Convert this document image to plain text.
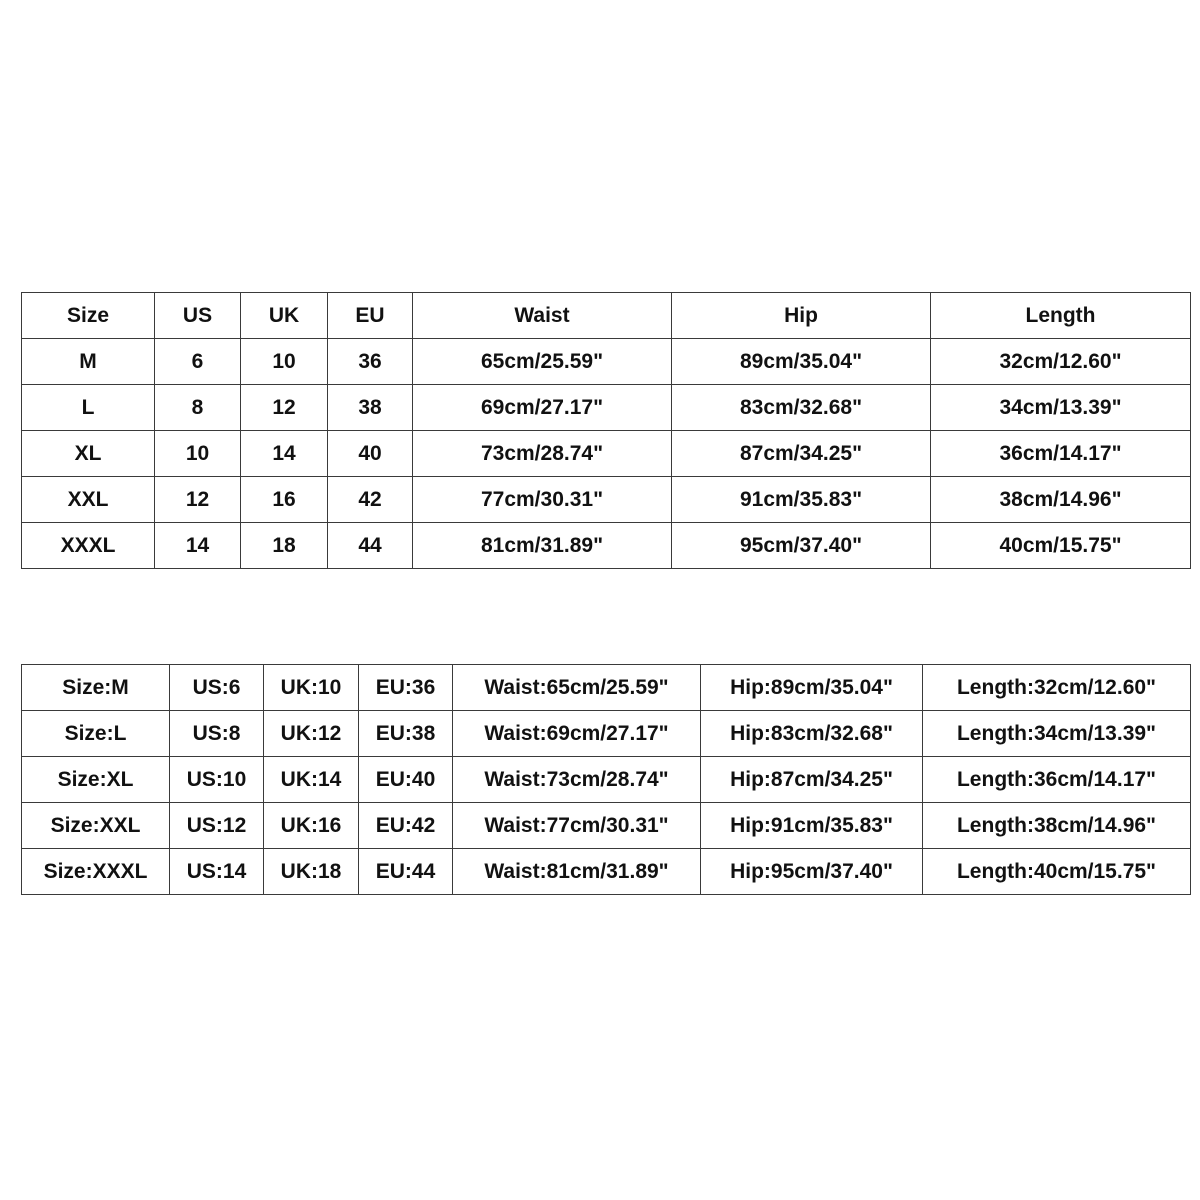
Size	US	UK	EU	Waist	Hip	Length
M	6	10	36	65cm/25.59"	89cm/35.04"	32cm/12.60"
L	8	12	38	69cm/27.17"	83cm/32.68"	34cm/13.39"
XL	10	14	40	73cm/28.74"	87cm/34.25"	36cm/14.17"
XXL	12	16	42	77cm/30.31"	91cm/35.83"	38cm/14.96"
XXXL	14	18	44	81cm/31.89"	95cm/37.40"	40cm/15.75"
Size:M	US:6	UK:10	EU:36	Waist:65cm/25.59"	Hip:89cm/35.04"	Length:32cm/12.60"
Size:L	US:8	UK:12	EU:38	Waist:69cm/27.17"	Hip:83cm/32.68"	Length:34cm/13.39"
Size:XL	US:10	UK:14	EU:40	Waist:73cm/28.74"	Hip:87cm/34.25"	Length:36cm/14.17"
Size:XXL	US:12	UK:16	EU:42	Waist:77cm/30.31"	Hip:91cm/35.83"	Length:38cm/14.96"
Size:XXXL	US:14	UK:18	EU:44	Waist:81cm/31.89"	Hip:95cm/37.40"	Length:40cm/15.75"
